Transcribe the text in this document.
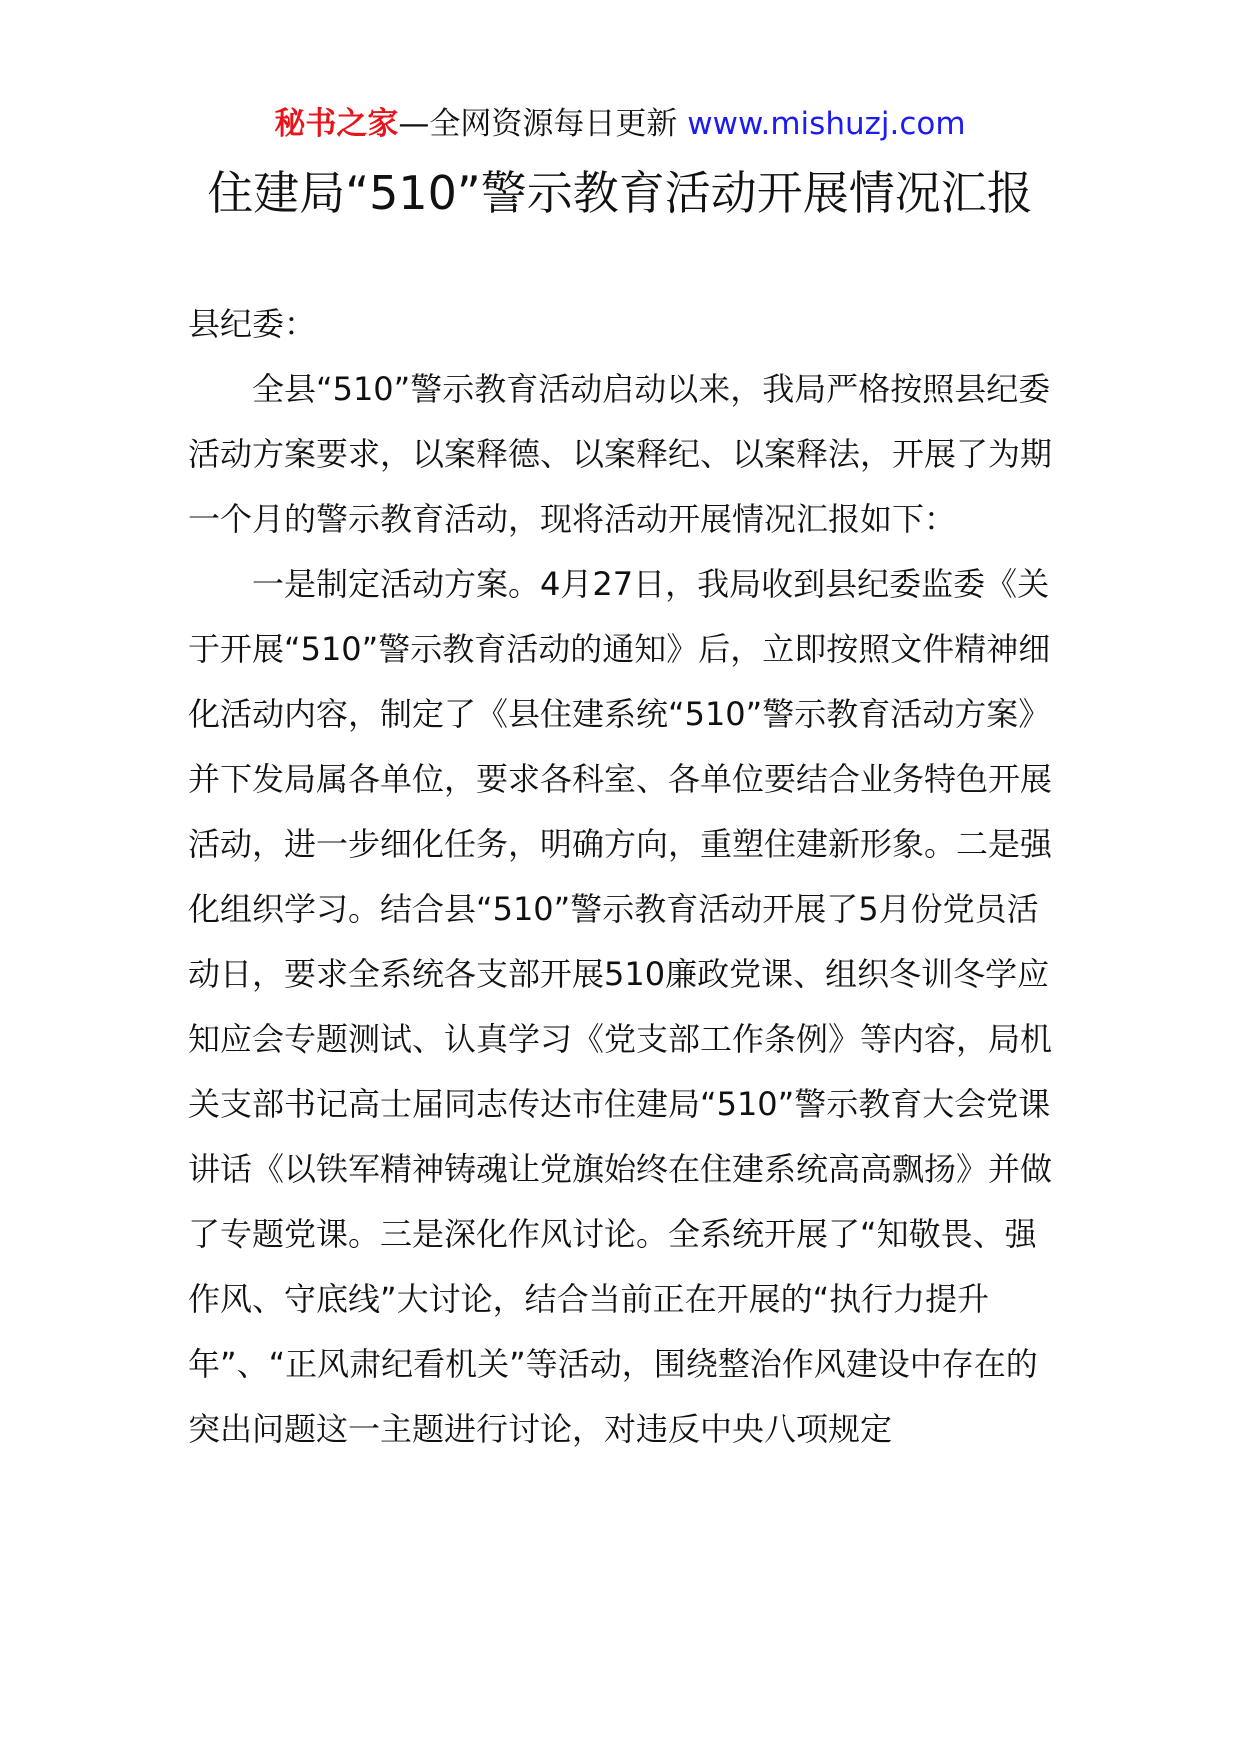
秘书之家—全网资源每日更新 www.mishuzj.com
住建局“510”警示教育活动开展情况汇报

县纪委：

全县“510”警示教育活动启动以来，我局严格按照县纪委活动方案要求，以案释德、以案释纪、以案释法，开展了为期一个月的警示教育活动，现将活动开展情况汇报如下：

一是制定活动方案。4月27日，我局收到县纪委监委《关于开展“510”警示教育活动的通知》后，立即按照文件精神细化活动内容，制定了《县住建系统“510”警示教育活动方案》并下发局属各单位，要求各科室、各单位要结合业务特色开展活动，进一步细化任务，明确方向，重塑住建新形象。二是强化组织学习。结合县“510”警示教育活动开展了5月份党员活动日，要求全系统各支部开展510廉政党课、组织冬训冬学应知应会专题测试、认真学习《党支部工作条例》等内容，局机关支部书记高士届同志传达市住建局“510”警示教育大会党课讲话《以铁军精神铸魂让党旗始终在住建系统高高飘扬》并做了专题党课。三是深化作风讨论。全系统开展了“知敬畏、强作风、守底线”大讨论，结合当前正在开展的“执行力提升年”、“正风肃纪看机关”等活动，围绕整治作风建设中存在的突出问题这一主题进行讨论，对违反中央八项规定
